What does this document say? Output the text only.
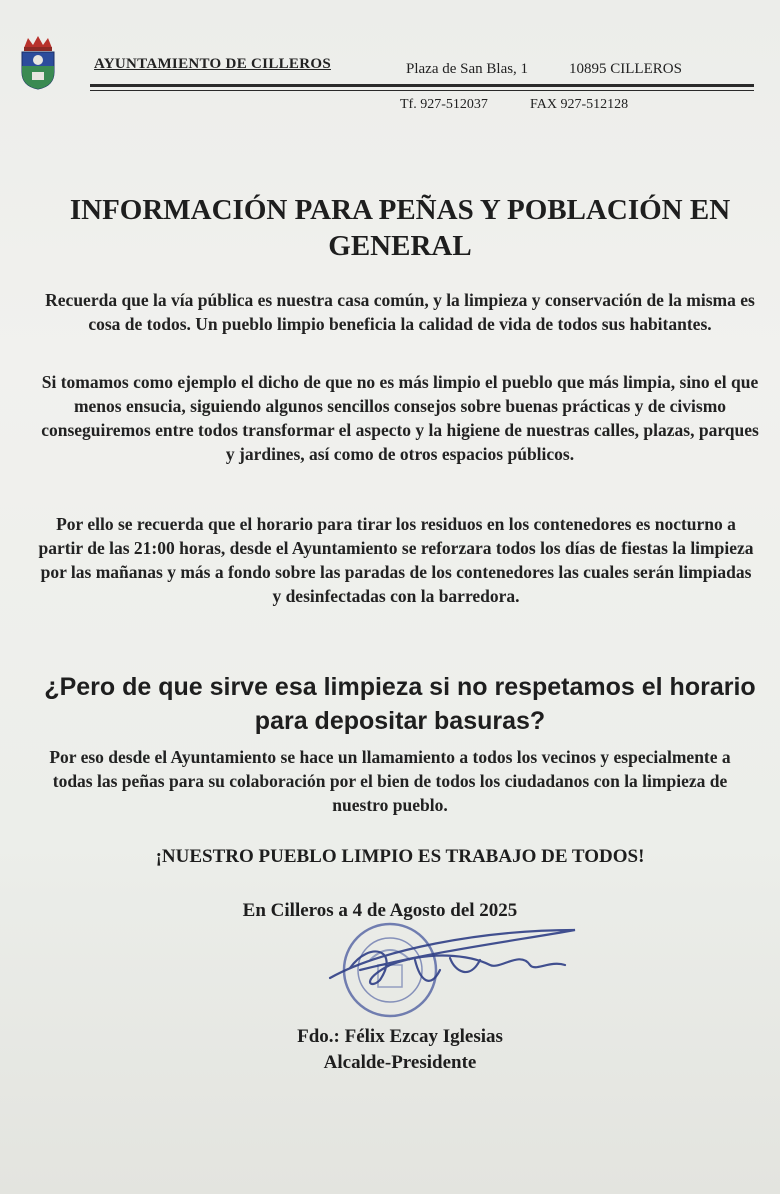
AYUNTAMIENTO DE CILLEROS	Plaza de San Blas, 1	10895 CILLEROS
Tf. 927-512037	FAX 927-512128
INFORMACIÓN PARA PEÑAS Y POBLACIÓN EN GENERAL
Recuerda que la vía pública es nuestra casa común, y la limpieza y conservación de la misma es cosa de todos. Un pueblo limpio beneficia la calidad de vida de todos sus habitantes.
Si tomamos como ejemplo el dicho de que no es más limpio el pueblo que más limpia, sino el que menos ensucia, siguiendo algunos sencillos consejos sobre buenas prácticas y de civismo conseguiremos entre todos transformar el aspecto y la higiene de nuestras calles, plazas, parques y jardines, así como de otros espacios públicos.
Por ello se recuerda que el horario para tirar los residuos en los contenedores es nocturno a partir de las 21:00 horas, desde el Ayuntamiento se reforzara todos los días de fiestas la limpieza por las mañanas y más a fondo sobre las paradas de los contenedores las cuales serán limpiadas y desinfectadas con la barredora.
¿Pero de que sirve esa limpieza si no respetamos el horario para depositar basuras?
Por eso desde el Ayuntamiento se hace un llamamiento a todos los vecinos y especialmente a todas las peñas para su colaboración por el bien de todos los ciudadanos con la limpieza de nuestro pueblo.
¡NUESTRO PUEBLO LIMPIO ES TRABAJO DE TODOS!
En Cilleros a 4 de Agosto del 2025
Fdo.: Félix Ezcay Iglesias
Alcalde-Presidente
